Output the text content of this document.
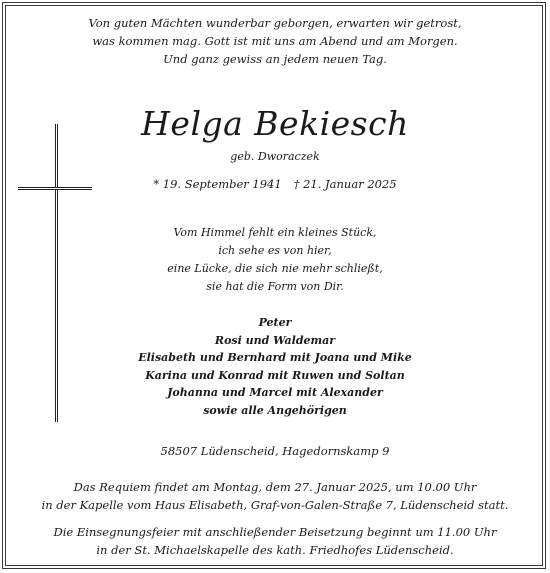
Von guten Mächten wunderbar geborgen, erwarten wir getrost,
was kommen mag. Gott ist mit uns am Abend und am Morgen.
Und ganz gewiss an jedem neuen Tag.
Helga Bekiesch
geb. Dworaczek
* 19. September 1941 † 21. Januar 2025
Vom Himmel fehlt ein kleines Stück,
ich sehe es von hier,
eine Lücke, die sich nie mehr schließt,
sie hat die Form von Dir.
Peter
Rosi und Waldemar
Elisabeth und Bernhard mit Joana und Mike
Karina und Konrad mit Ruwen und Soltan
Johanna und Marcel mit Alexander
sowie alle Angehörigen
58507 Lüdenscheid, Hagedornskamp 9
Das Requiem findet am Montag, dem 27. Januar 2025, um 10.00 Uhr
in der Kapelle vom Haus Elisabeth, Graf-von-Galen-Straße 7, Lüdenscheid statt.
Die Einsegnungsfeier mit anschließender Beisetzung beginnt um 11.00 Uhr
in der St. Michaelskapelle des kath. Friedhofes Lüdenscheid.
